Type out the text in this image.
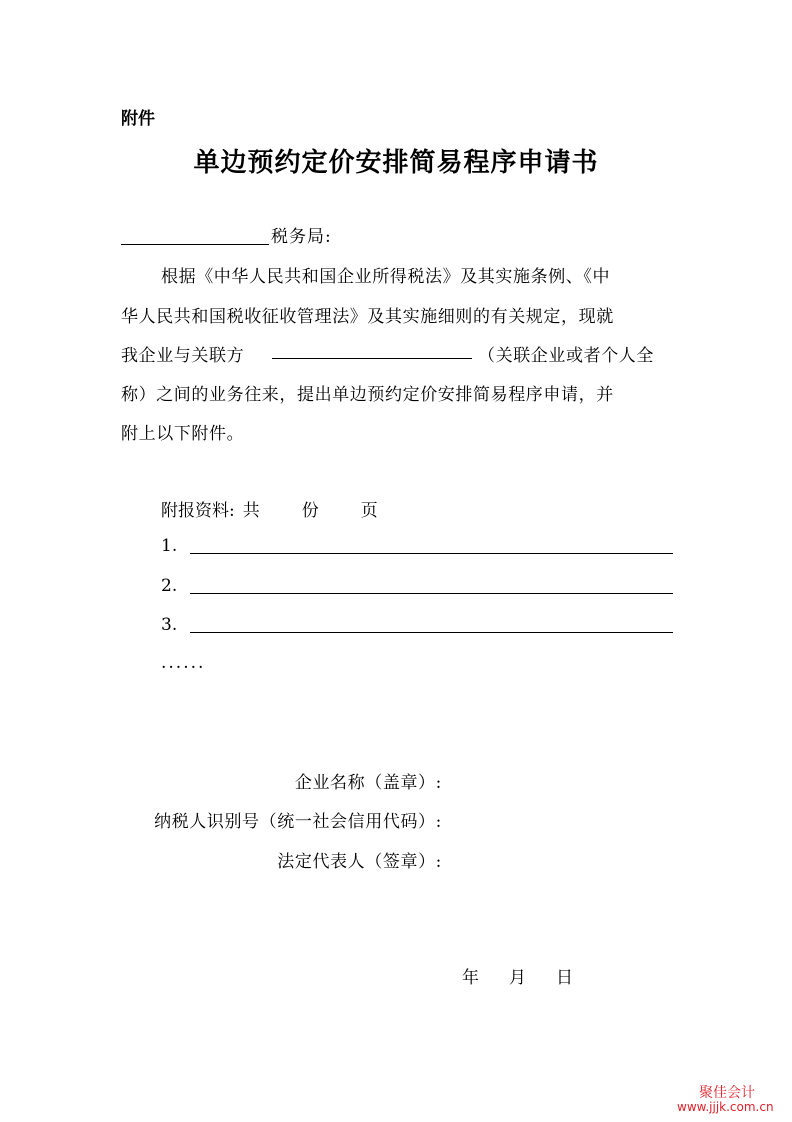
附件
单边预约定价安排简易程序申请书
税务局:
根据《中华人民共和国企业所得税法》及其实施条例、《中
华人民共和国税收征收管理法》及其实施细则的有关规定，现就
我企业与关联方	（关联企业或者个人全
称）之间的业务往来，提出单边预约定价安排简易程序申请，并
附上以下附件。
附报资料: 共 份 页
1.
2.
3.
......
企业名称（盖章）:
纳税人识别号（统一社会信用代码）:
法定代表人（签章）:
年 月 日
聚佳会计
www.jjjk.com.cn
